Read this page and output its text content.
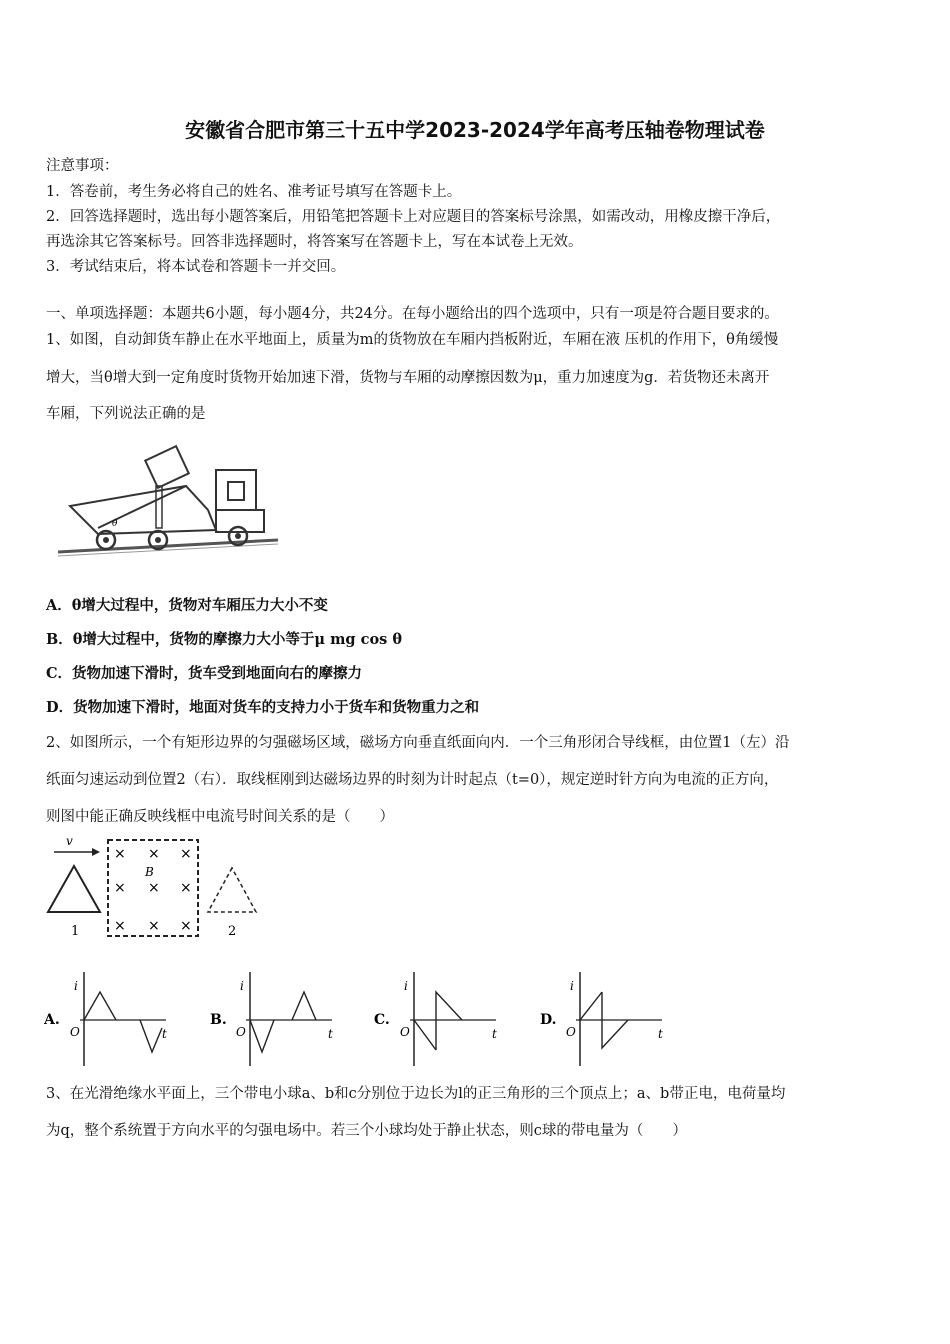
安徽省合肥市第三十五中学2023-2024学年高考压轴卷物理试卷
注意事项：
1．答卷前，考生务必将自己的姓名、准考证号填写在答题卡上。
2．回答选择题时，选出每小题答案后，用铅笔把答题卡上对应题目的答案标号涂黑，如需改动，用橡皮擦干净后，
再选涂其它答案标号。回答非选择题时，将答案写在答题卡上，写在本试卷上无效。
3．考试结束后，将本试卷和答题卡一并交回。
一、单项选择题：本题共6小题，每小题4分，共24分。在每小题给出的四个选项中，只有一项是符合题目要求的。
1、如图，自动卸货车静止在水平地面上，质量为m的货物放在车厢内挡板附近，车厢在液 压机的作用下，θ角缓慢
增大，当θ增大到一定角度时货物开始加速下滑，货物与车厢的动摩擦因数为μ，重力加速度为g．若货物还未离开
车厢，下列说法正确的是
θ
A．θ增大过程中，货物对车厢压力大小不变
B．θ增大过程中，货物的摩擦力大小等于μ mg cos θ
C．货物加速下滑时，货车受到地面向右的摩擦力
D．货物加速下滑时，地面对货车的支持力小于货车和货物重力之和
2、如图所示，一个有矩形边界的匀强磁场区域，磁场方向垂直纸面向内．一个三角形闭合导线框，由位置1（左）沿
纸面匀速运动到位置2（右）．取线框刚到达磁场边界的时刻为计时起点（t=0），规定逆时针方向为电流的正方向，
则图中能正确反映线框中电流号时间关系的是（　　）
v
1
× × ×
× × ×
× × ×
B
2
A.
i
O	t
B.
i
O	t
C.
i
O	t
D.
i
O	t
3、在光滑绝缘水平面上，三个带电小球a、b和c分别位于边长为l的正三角形的三个顶点上；a、b带正电，电荷量均
为q，整个系统置于方向水平的匀强电场中。若三个小球均处于静止状态，则c球的带电量为（　　）
